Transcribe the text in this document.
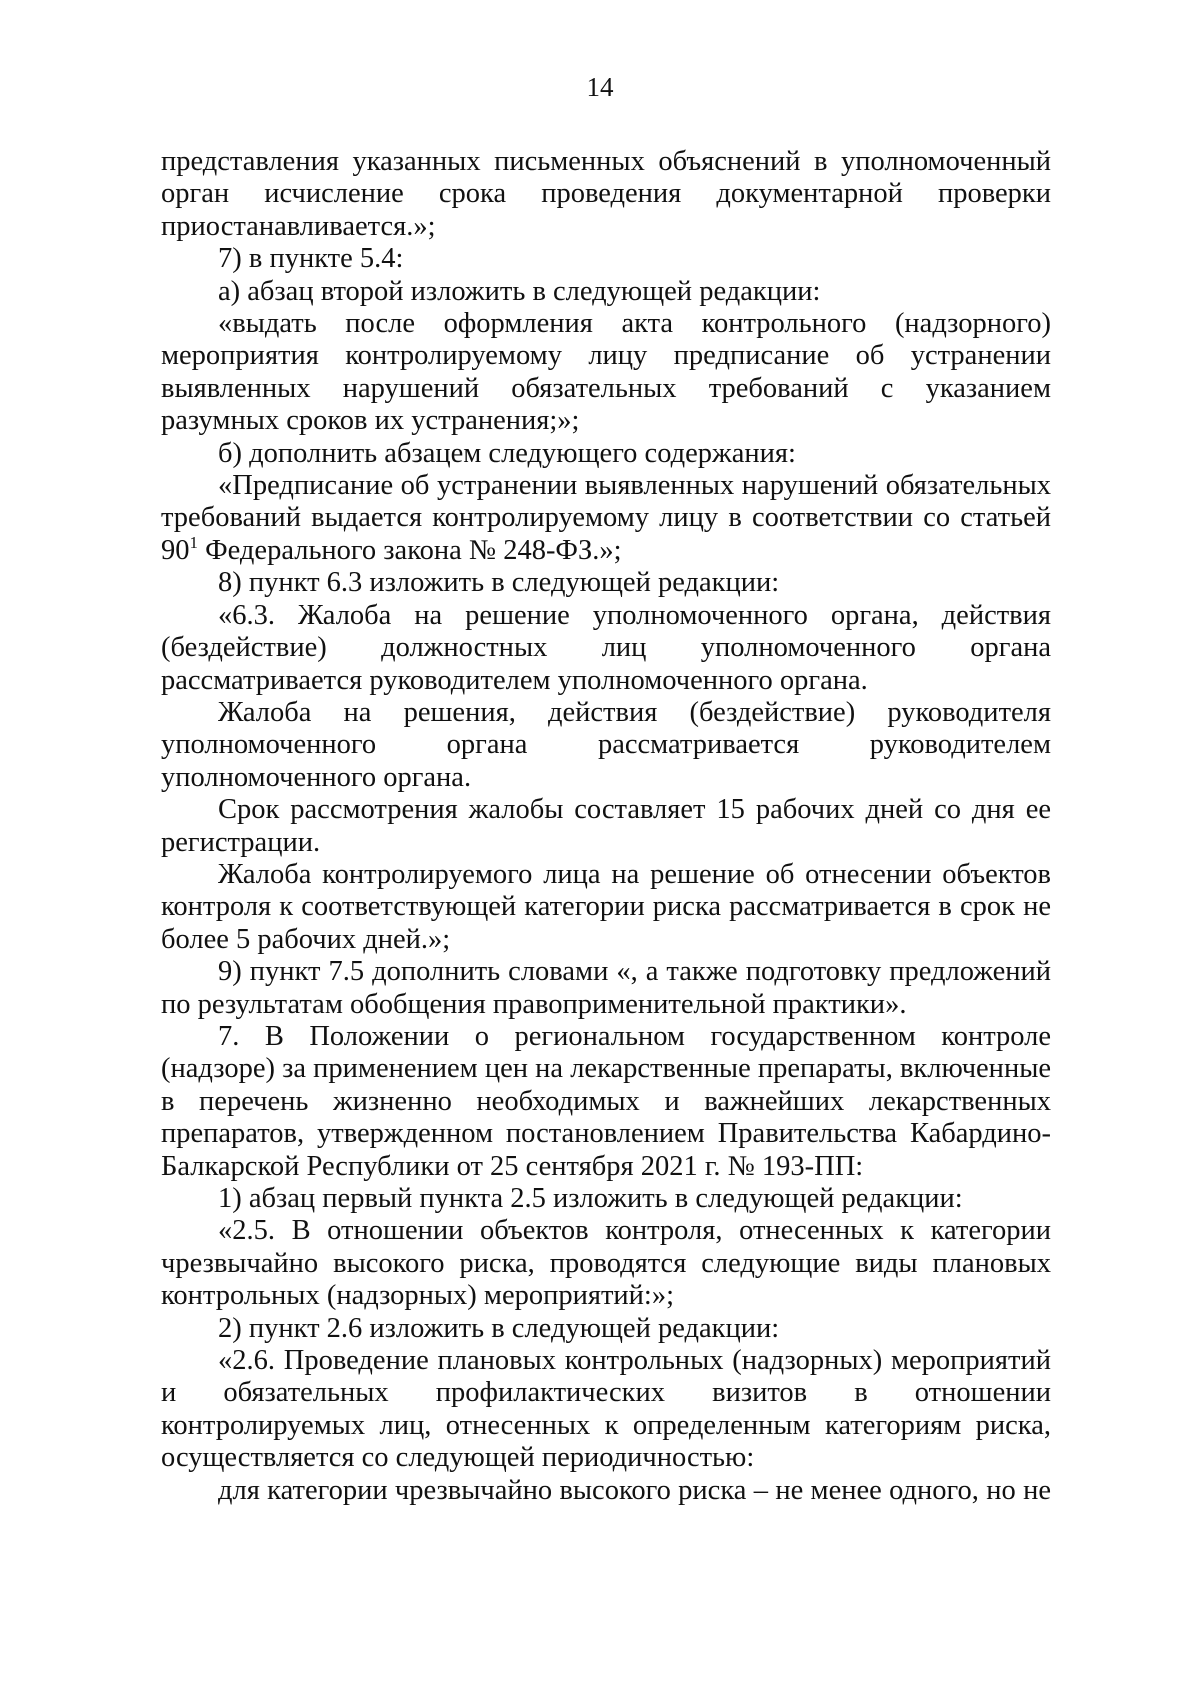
14

представления указанных письменных объяснений в уполномоченный орган исчисление срока проведения документарной проверки приостанавливается.»;

7) в пункте 5.4:

а) абзац второй изложить в следующей редакции:

«выдать после оформления акта контрольного (надзорного) мероприятия контролируемому лицу предписание об устранении выявленных нарушений обязательных требований с указанием разумных сроков их устранения;»;

б) дополнить абзацем следующего содержания:

«Предписание об устранении выявленных нарушений обязательных требований выдается контролируемому лицу в соответствии со статьей $90^1$ Федерального закона № 248-ФЗ.»;

8) пункт 6.3 изложить в следующей редакции:

«6.3. Жалоба на решение уполномоченного органа, действия (бездействие) должностных лиц уполномоченного органа рассматривается руководителем уполномоченного органа.

Жалоба на решения, действия (бездействие) руководителя уполномоченного органа рассматривается руководителем уполномоченного органа.

Срок рассмотрения жалобы составляет 15 рабочих дней со дня ее регистрации.

Жалоба контролируемого лица на решение об отнесении объектов контроля к соответствующей категории риска рассматривается в срок не более 5 рабочих дней.»;

9) пункт 7.5 дополнить словами «, а также подготовку предложений по результатам обобщения правоприменительной практики».

7. В Положении о региональном государственном контроле (надзоре) за применением цен на лекарственные препараты, включенные в перечень жизненно необходимых и важнейших лекарственных препаратов, утвержденном постановлением Правительства Кабардино-Балкарской Республики от 25 сентября 2021 г. № 193-ПП:

1) абзац первый пункта 2.5 изложить в следующей редакции:

«2.5. В отношении объектов контроля, отнесенных к категории чрезвычайно высокого риска, проводятся следующие виды плановых контрольных (надзорных) мероприятий:»;

2) пункт 2.6 изложить в следующей редакции:

«2.6. Проведение плановых контрольных (надзорных) мероприятий и обязательных профилактических визитов в отношении контролируемых лиц, отнесенных к определенным категориям риска, осуществляется со следующей периодичностью:

для категории чрезвычайно высокого риска – не менее одного, но не
